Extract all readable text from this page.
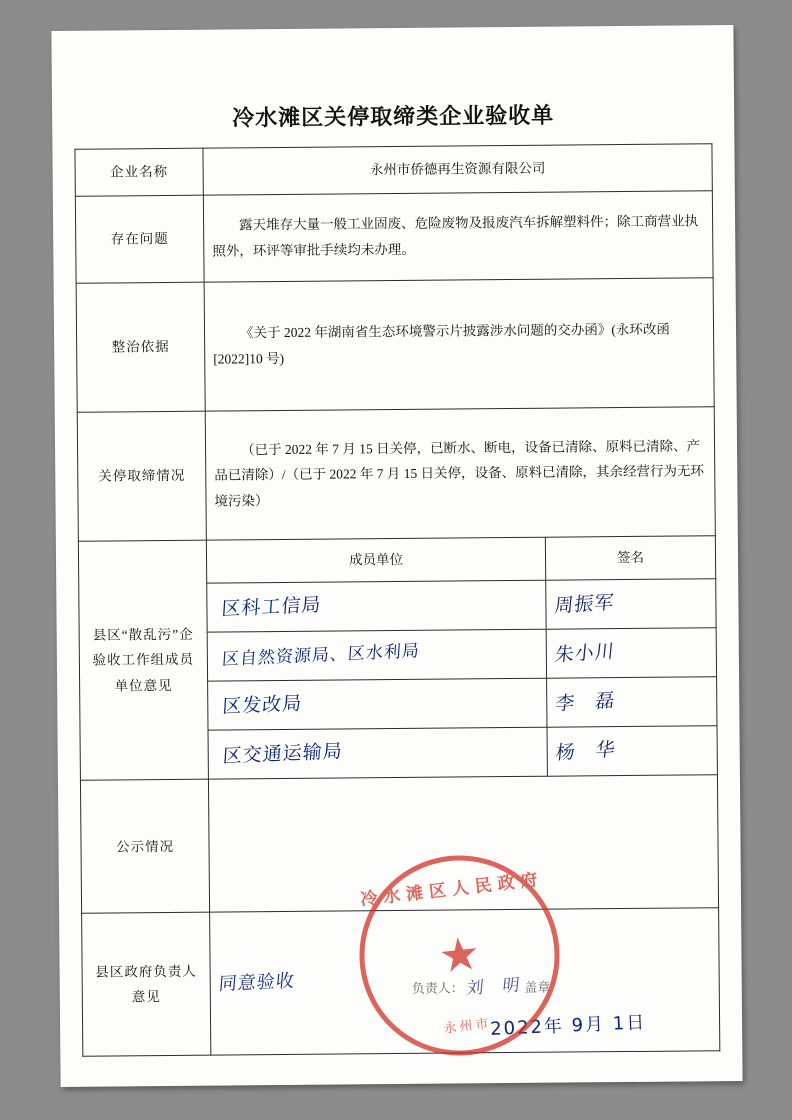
冷水滩区关停取缔类企业验收单
企业名称	永州市侨德再生资源有限公司	
存在问题	露天堆存大量一般工业固废、危险废物及报废汽车拆解塑料件；除工商营业执照外，环评等审批手续均未办理。	
整治依据	《关于 2022 年湖南省生态环境警示片披露涉水问题的交办函》(永环改函[2022]10 号)	
关停取缔情况	（已于 2022 年 7 月 15 日关停，已断水、断电，设备已清除、原料已清除、产品已清除）/（已于 2022 年 7 月 15 日关停，设备、原料已清除，其余经营行为无环境污染）	
县区“散乱污”企验收工作组成员单位意见	成员单位	签名
	区科工信局	周振军
	区自然资源局、区水利局	朱小川
	区发改局	李　磊
	区交通运输局	杨　华
公示情况		
县区政府负责人意见	同意验收		负责人： 刘　明 盖章
2022年 9月 1日
冷水滩区人民政府
★
永州市
